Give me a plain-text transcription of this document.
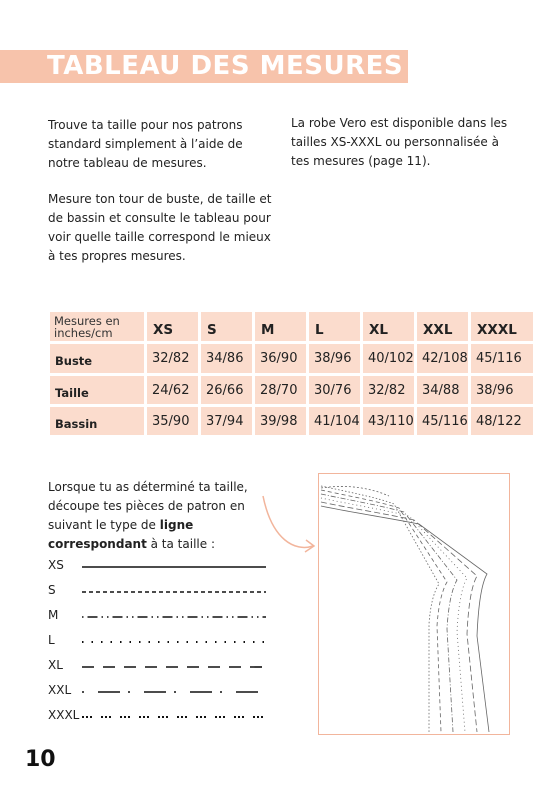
TABLEAU DES MESURES
Trouve ta taille pour nos patrons standard simplement à l’aide de notre tableau de mesures.
Mesure ton tour de buste, de taille et de bassin et consulte le tableau pour voir quelle taille correspond le mieux à tes propres mesures.
La robe Vero est disponible dans les tailles XS-XXXL ou personnalisée à tes mesures (page 11).
Mesures en inches/cm	XS	S	M	L	XL	XXL XXXL
Buste	32/82 34/86 36/90 38/96 40/102 42/108 45/116
Taille	24/62 26/66 28/70 30/76 32/82 34/88 38/96
Bassin	35/90 37/94 39/98 41/104 43/110 45/116 48/122
Lorsque tu as déterminé ta taille, découpe tes pièces de patron en suivant le type de ligne correspondant à ta taille :
XS
S
M
L
XL
XXL
XXXL
10
